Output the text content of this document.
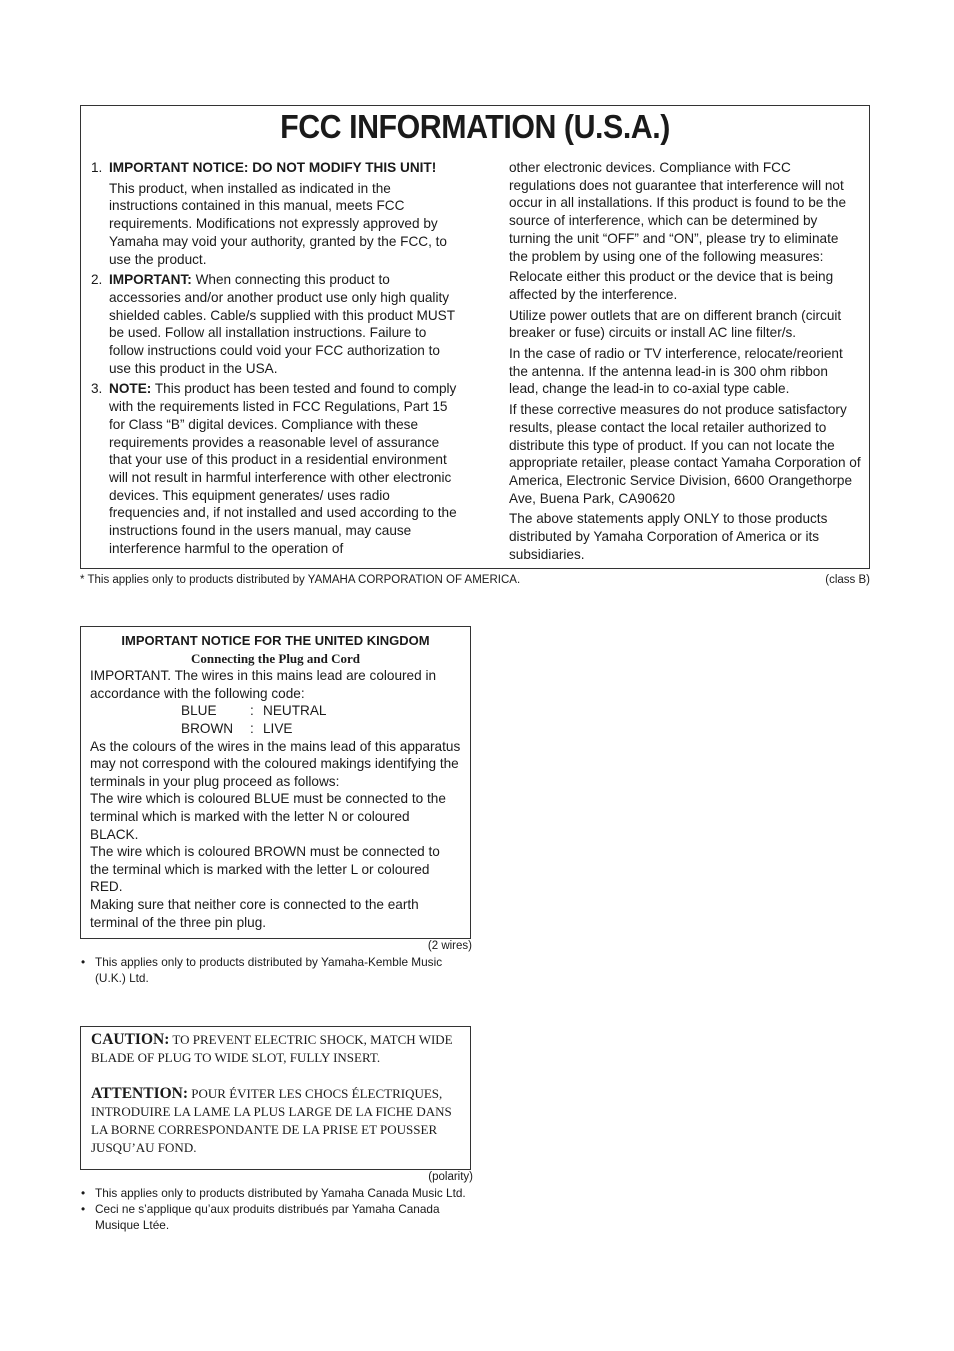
FCC INFORMATION (U.S.A.)
1. IMPORTANT NOTICE: DO NOT MODIFY THIS UNIT!
This product, when installed as indicated in the instructions contained in this manual, meets FCC requirements. Modifications not expressly approved by Yamaha may void your authority, granted by the FCC, to use the product.
2. IMPORTANT: When connecting this product to accessories and/or another product use only high quality shielded cables. Cable/s supplied with this product MUST be used. Follow all installation instructions. Failure to follow instructions could void your FCC authorization to use this product in the USA.
3. NOTE: This product has been tested and found to comply with the requirements listed in FCC Regulations, Part 15 for Class “B” digital devices. Compliance with these requirements provides a reasonable level of assurance that your use of this product in a residential environment will not result in harmful interference with other electronic devices. This equipment generates/ uses radio frequencies and, if not installed and used according to the instructions found in the users manual, may cause interference harmful to the operation of

other electronic devices. Compliance with FCC regulations does not guarantee that interference will not occur in all installations. If this product is found to be the source of interference, which can be determined by turning the unit “OFF” and “ON”, please try to eliminate the problem by using one of the following measures:

Relocate either this product or the device that is being affected by the interference.

Utilize power outlets that are on different branch (circuit breaker or fuse) circuits or install AC line filter/s.

In the case of radio or TV interference, relocate/reorient the antenna. If the antenna lead-in is 300 ohm ribbon lead, change the lead-in to co-axial type cable.

If these corrective measures do not produce satisfactory results, please contact the local retailer authorized to distribute this type of product. If you can not locate the appropriate retailer, please contact Yamaha Corporation of America, Electronic Service Division, 6600 Orangethorpe Ave, Buena Park, CA90620

The above statements apply ONLY to those products distributed by Yamaha Corporation of America or its subsidiaries.

* This applies only to products distributed by YAMAHA CORPORATION OF AMERICA.	(class B)
IMPORTANT NOTICE FOR THE UNITED KINGDOM
Connecting the Plug and Cord
IMPORTANT. The wires in this mains lead are coloured in accordance with the following code:
BLUE	: NEUTRAL
BROWN	: LIVE
As the colours of the wires in the mains lead of this apparatus may not correspond with the coloured makings identifying the terminals in your plug proceed as follows:
The wire which is coloured BLUE must be connected to the terminal which is marked with the letter N or coloured BLACK.
The wire which is coloured BROWN must be connected to the terminal which is marked with the letter L or coloured RED.
Making sure that neither core is connected to the earth terminal of the three pin plug.
(2 wires)
• This applies only to products distributed by Yamaha-Kemble Music (U.K.) Ltd.
CAUTION: TO PREVENT ELECTRIC SHOCK, MATCH WIDE BLADE OF PLUG TO WIDE SLOT, FULLY INSERT.
ATTENTION: POUR ÉVITER LES CHOCS ÉLECTRIQUES, INTRODUIRE LA LAME LA PLUS LARGE DE LA FICHE DANS LA BORNE CORRESPONDANTE DE LA PRISE ET POUSSER JUSQU’AU FOND.
(polarity)
• This applies only to products distributed by Yamaha Canada Music Ltd.
• Ceci ne s’applique qu’aux produits distribués par Yamaha Canada Musique Ltée.
